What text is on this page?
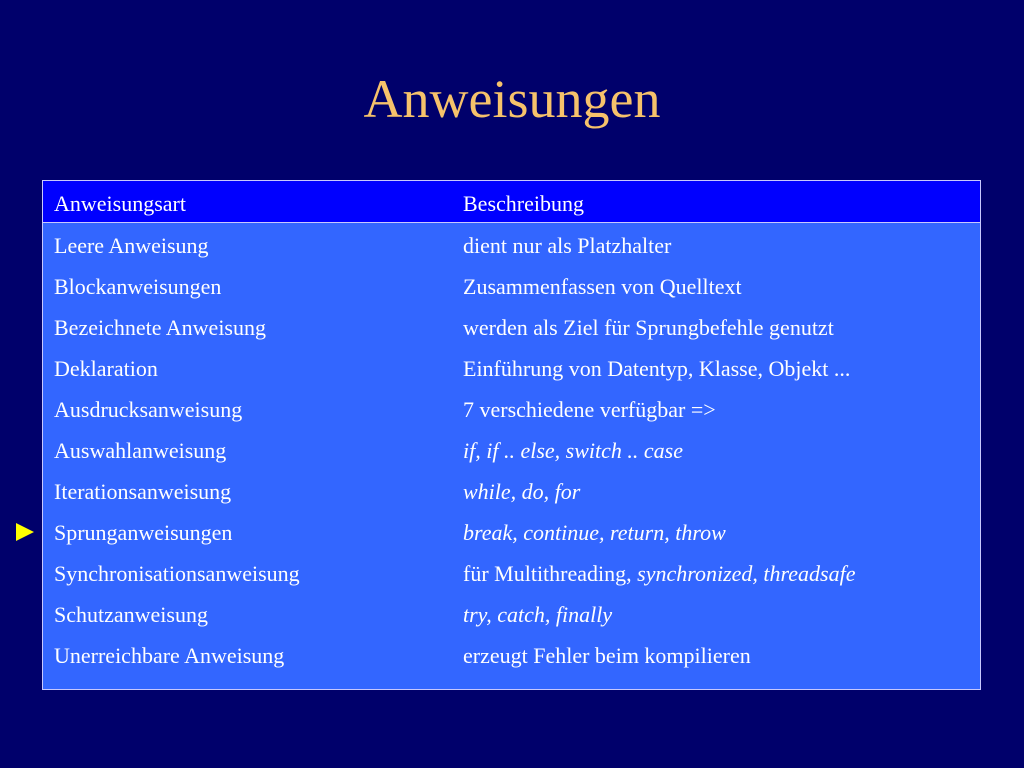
Anweisungen
Anweisungsart	Beschreibung
Leere Anweisung	dient nur als Platzhalter
Blockanweisungen	Zusammenfassen von Quelltext
Bezeichnete Anweisung	werden als Ziel für Sprungbefehle genutzt
Deklaration	Einführung von Datentyp, Klasse, Objekt ...
Ausdrucksanweisung	7 verschiedene verfügbar =>
Auswahlanweisung	if, if .. else, switch .. case
Iterationsanweisung	while, do, for
Sprunganweisungen	break, continue, return, throw
Synchronisationsanweisung	für Multithreading, synchronized, threadsafe
Schutzanweisung	try, catch, finally
Unerreichbare Anweisung	erzeugt Fehler beim kompilieren
